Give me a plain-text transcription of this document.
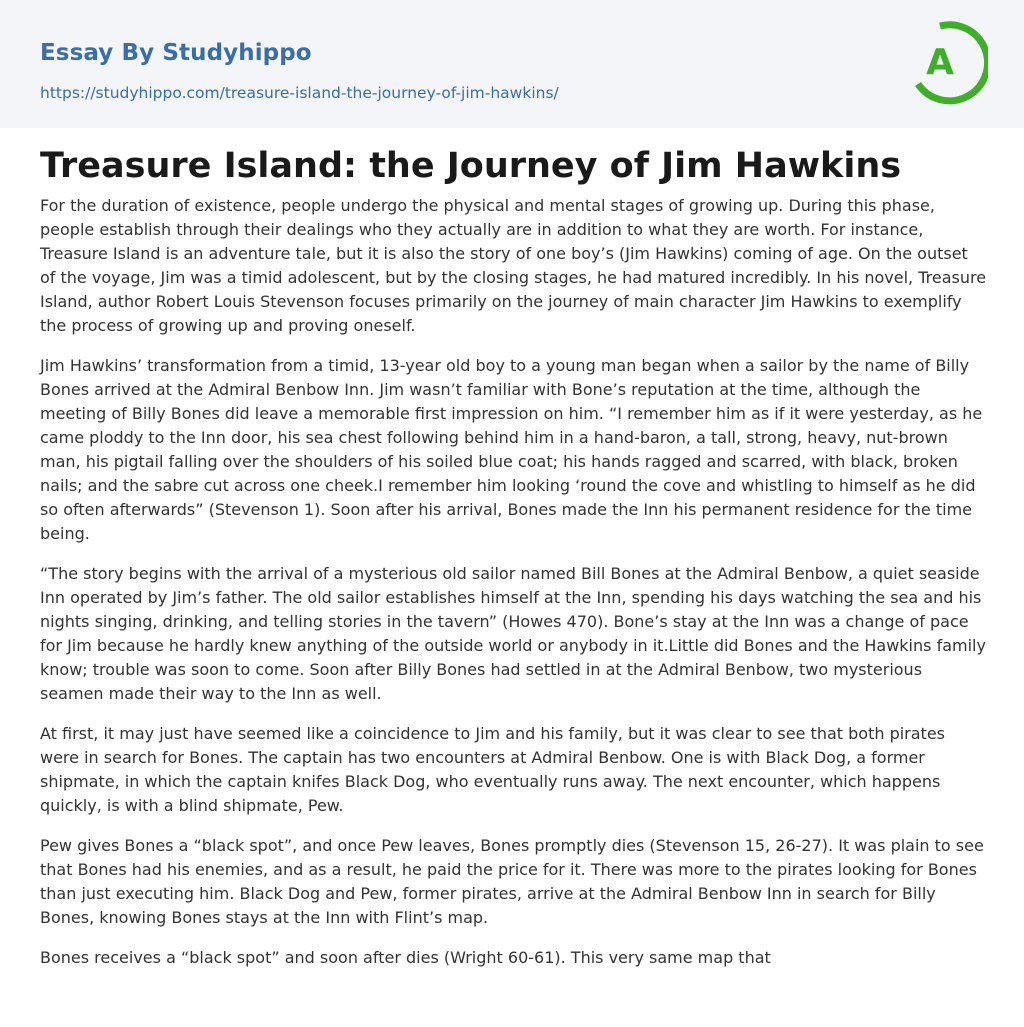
Essay By Studyhippo
https://studyhippo.com/treasure-island-the-journey-of-jim-hawkins/
A
Treasure Island: the Journey of Jim Hawkins

For the duration of existence, people undergo the physical and mental stages of growing up. During this phase, people establish through their dealings who they actually are in addition to what they are worth. For instance, Treasure Island is an adventure tale, but it is also the story of one boy’s (Jim Hawkins) coming of age. On the outset of the voyage, Jim was a timid adolescent, but by the closing stages, he had matured incredibly. In his novel, Treasure Island, author Robert Louis Stevenson focuses primarily on the journey of main character Jim Hawkins to exemplify the process of growing up and proving oneself.

Jim Hawkins’ transformation from a timid, 13-year old boy to a young man began when a sailor by the name of Billy Bones arrived at the Admiral Benbow Inn. Jim wasn’t familiar with Bone’s reputation at the time, although the meeting of Billy Bones did leave a memorable first impression on him. “I remember him as if it were yesterday, as he came ploddy to the Inn door, his sea chest following behind him in a hand-baron, a tall, strong, heavy, nut-brown man, his pigtail falling over the shoulders of his soiled blue coat; his hands ragged and scarred, with black, broken nails; and the sabre cut across one cheek.I remember him looking ‘round the cove and whistling to himself as he did so often afterwards” (Stevenson 1). Soon after his arrival, Bones made the Inn his permanent residence for the time being.

“The story begins with the arrival of a mysterious old sailor named Bill Bones at the Admiral Benbow, a quiet seaside Inn operated by Jim’s father. The old sailor establishes himself at the Inn, spending his days watching the sea and his nights singing, drinking, and telling stories in the tavern” (Howes 470). Bone’s stay at the Inn was a change of pace for Jim because he hardly knew anything of the outside world or anybody in it.Little did Bones and the Hawkins family know; trouble was soon to come. Soon after Billy Bones had settled in at the Admiral Benbow, two mysterious seamen made their way to the Inn as well.

At first, it may just have seemed like a coincidence to Jim and his family, but it was clear to see that both pirates were in search for Bones. The captain has two encounters at Admiral Benbow. One is with Black Dog, a former shipmate, in which the captain knifes Black Dog, who eventually runs away. The next encounter, which happens quickly, is with a blind shipmate, Pew.

Pew gives Bones a “black spot”, and once Pew leaves, Bones promptly dies (Stevenson 15, 26-27). It was plain to see that Bones had his enemies, and as a result, he paid the price for it. There was more to the pirates looking for Bones than just executing him. Black Dog and Pew, former pirates, arrive at the Admiral Benbow Inn in search for Billy Bones, knowing Bones stays at the Inn with Flint’s map.

Bones receives a “black spot” and soon after dies (Wright 60-61). This very same map that
